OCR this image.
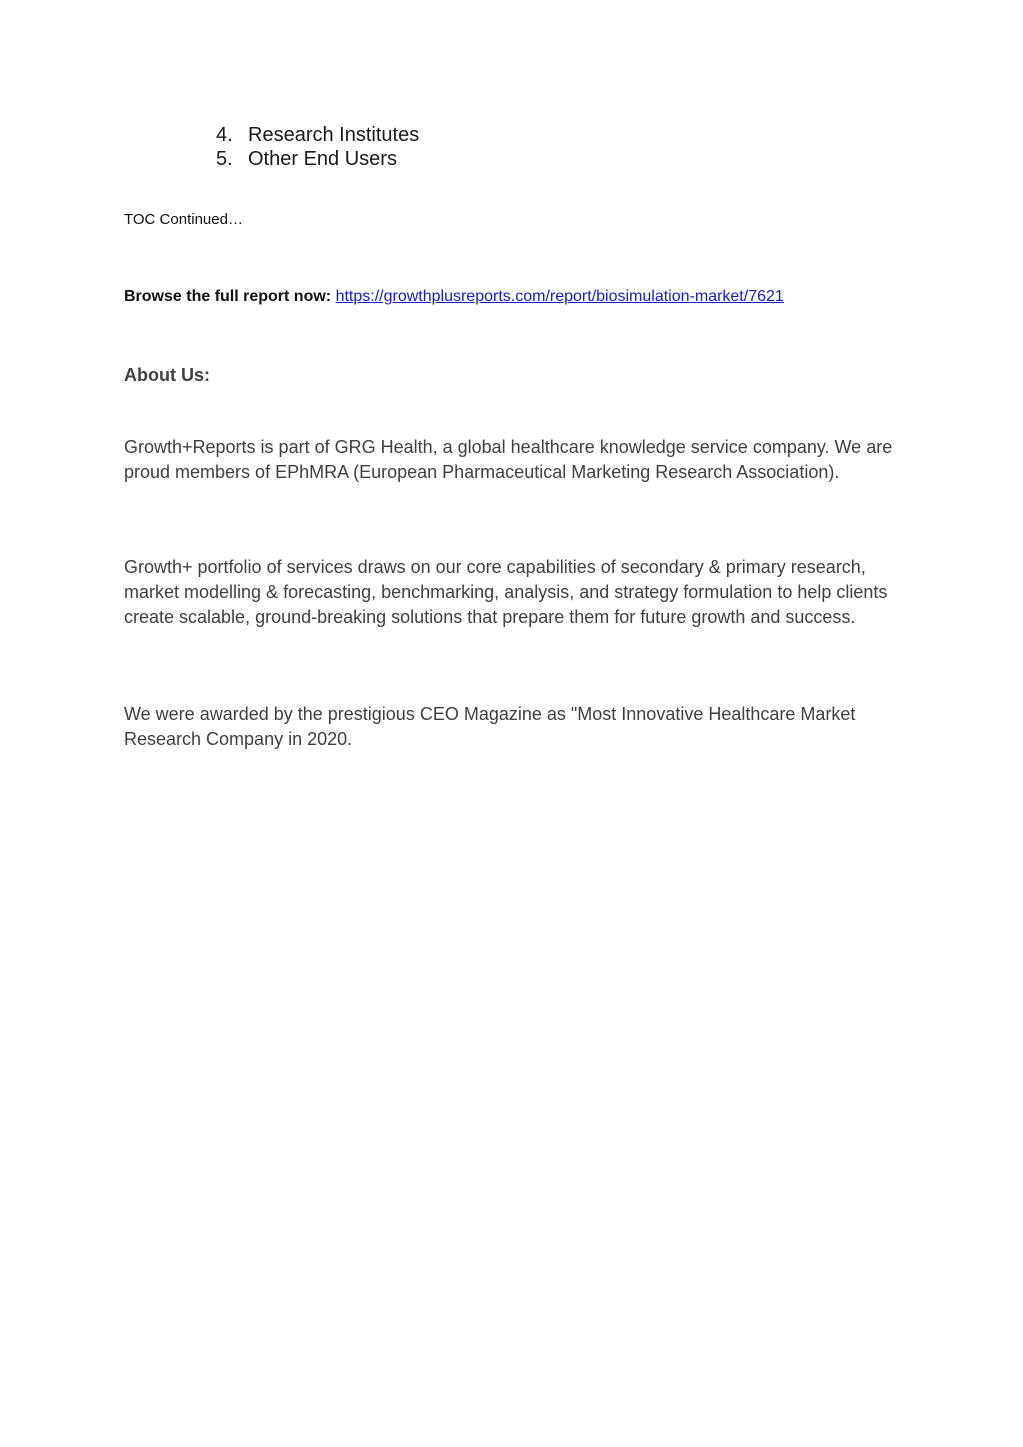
4. Research Institutes
5. Other End Users
TOC Continued…
Browse the full report now: https://growthplusreports.com/report/biosimulation-market/7621
About Us:

Growth+Reports is part of GRG Health, a global healthcare knowledge service company. We are proud members of EPhMRA (European Pharmaceutical Marketing Research Association).

Growth+ portfolio of services draws on our core capabilities of secondary & primary research, market modelling & forecasting, benchmarking, analysis, and strategy formulation to help clients create scalable, ground-breaking solutions that prepare them for future growth and success.

We were awarded by the prestigious CEO Magazine as "Most Innovative Healthcare Market Research Company in 2020.
